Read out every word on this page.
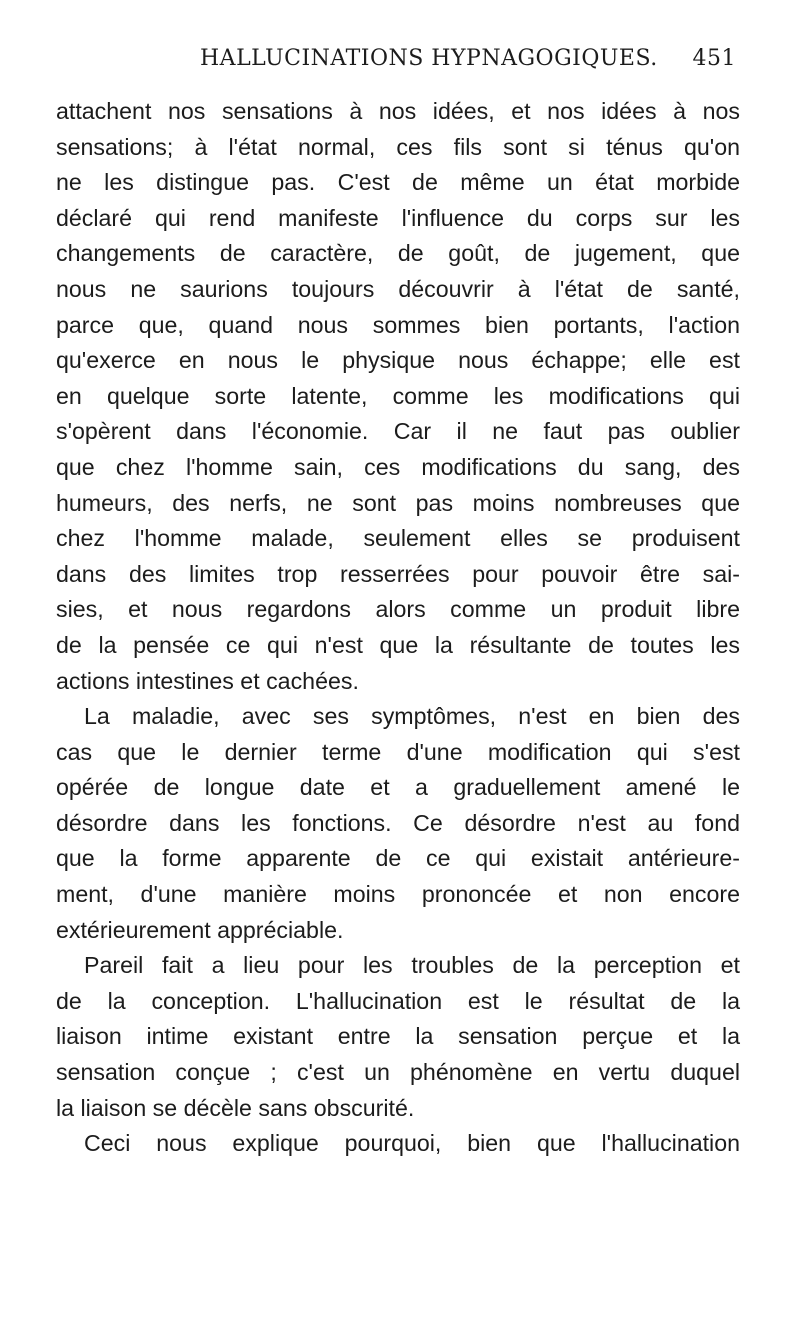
HALLUCINATIONS HYPNAGOGIQUES. 451
attachent nos sensations à nos idées, et nos idées à nos
sensations; à l'état normal, ces fils sont si ténus qu'on
ne les distingue pas. C'est de même un état morbide
déclaré qui rend manifeste l'influence du corps sur les
changements de caractère, de goût, de jugement, que
nous ne saurions toujours découvrir à l'état de santé,
parce que, quand nous sommes bien portants, l'action
qu'exerce en nous le physique nous échappe; elle est
en quelque sorte latente, comme les modifications qui
s'opèrent dans l'économie. Car il ne faut pas oublier
que chez l'homme sain, ces modifications du sang, des
humeurs, des nerfs, ne sont pas moins nombreuses que
chez l'homme malade, seulement elles se produisent
dans des limites trop resserrées pour pouvoir être sai-
sies, et nous regardons alors comme un produit libre
de la pensée ce qui n'est que la résultante de toutes les
actions intestines et cachées.
La maladie, avec ses symptômes, n'est en bien des
cas que le dernier terme d'une modification qui s'est
opérée de longue date et a graduellement amené le
désordre dans les fonctions. Ce désordre n'est au fond
que la forme apparente de ce qui existait antérieure-
ment, d'une manière moins prononcée et non encore
extérieurement appréciable.
Pareil fait a lieu pour les troubles de la perception et
de la conception. L'hallucination est le résultat de la
liaison intime existant entre la sensation perçue et la
sensation conçue ; c'est un phénomène en vertu duquel
la liaison se décèle sans obscurité.
Ceci nous explique pourquoi, bien que l'hallucination
